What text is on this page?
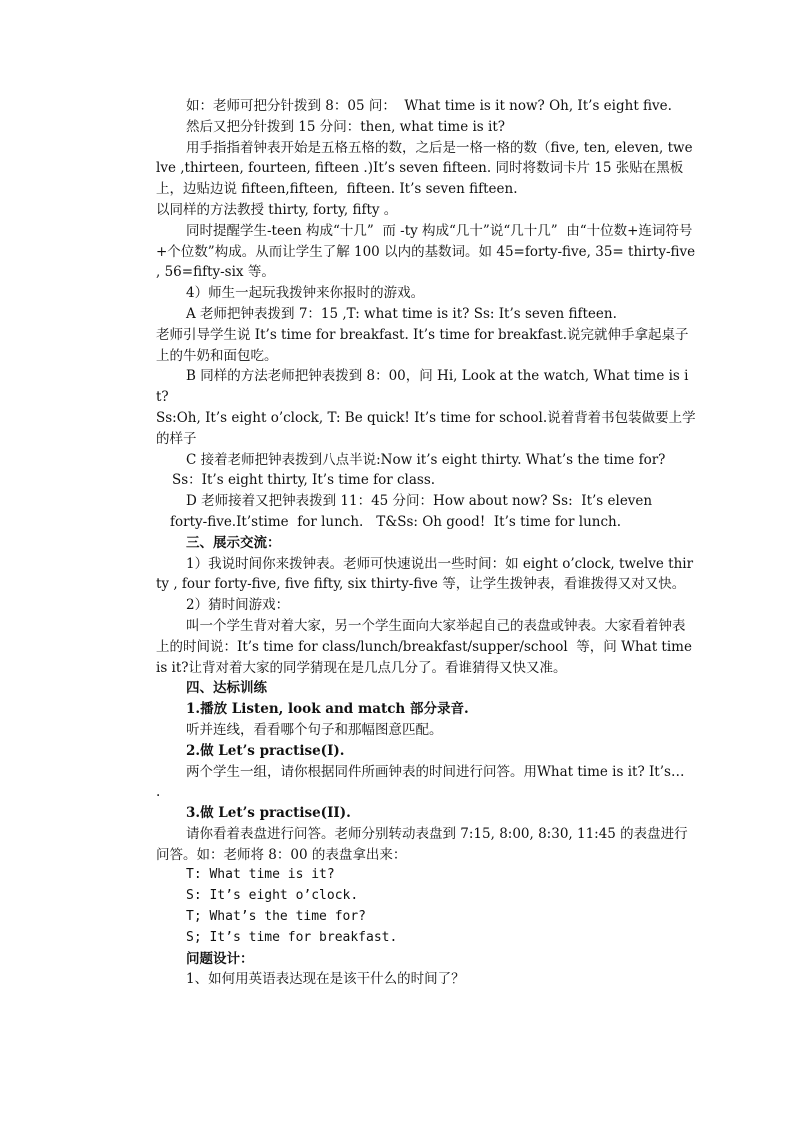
如：老师可把分针拨到 8：05 问：  What time is it now? Oh, It’s eight five.

然后又把分针拨到 15 分问：then, what time is it?

用手指指着钟表开始是五格五格的数，之后是一格一格的数（five, ten, eleven, twelve ,thirteen, fourteen, fifteen .)It’s seven fifteen. 同时将数词卡片 15 张贴在黑板上，边贴边说 fifteen,fifteen,  fifteen. It’s seven fifteen.

以同样的方法教授 thirty, forty, fifty 。

同时提醒学生-teen 构成“十几”  而 -ty 构成“几十”说“几十几”  由“十位数+连词符号+个位数”构成。从而让学生了解 100 以内的基数词。如 45=forty-five, 35= thirty-five , 56=fifty-six 等。

4）师生一起玩我拨钟来你报时的游戏。

A 老师把钟表拨到 7：15 ,T: what time is it? Ss: It’s seven fifteen.

老师引导学生说 It’s time for breakfast. It’s time for breakfast.说完就伸手拿起桌子上的牛奶和面包吃。

B 同样的方法老师把钟表拨到 8：00，问 Hi, Look at the watch, What time is it?

Ss:Oh, It’s eight o’clock, T: Be quick! It’s time for school.说着背着书包装做要上学的样子

C 接着老师把钟表拨到八点半说:Now it’s eight thirty. What’s the time for?

Ss：It’s eight thirty, It’s time for class.

D 老师接着又把钟表拨到 11：45 分问：How about now? Ss:  It’s eleven

forty-five.It’stime  for lunch.   T&Ss: Oh good!  It’s time for lunch.

三、展示交流：

1）我说时间你来拨钟表。老师可快速说出一些时间：如 eight o’clock, twelve thirty , four forty-five, five fifty, six thirty-five 等，让学生拨钟表，看谁拨得又对又快。

2）猜时间游戏：

叫一个学生背对着大家，另一个学生面向大家举起自己的表盘或钟表。大家看着钟表上的时间说：It’s time for class/lunch/breakfast/supper/school  等，问 What time is it?让背对着大家的同学猜现在是几点几分了。看谁猜得又快又准。

四、达标训练

1.播放 Listen, look and match 部分录音.

听并连线，看看哪个句子和那幅图意匹配。

2.做 Let’s practise(I).

两个学生一组，请你根据同件所画钟表的时间进行问答。用What time is it? It’s…  .

3.做 Let’s practise(II).

请你看着表盘进行问答。老师分别转动表盘到 7:15, 8:00, 8:30, 11:45 的表盘进行问答。如：老师将 8：00 的表盘拿出来：

T: What time is it?

S: It’s eight o’clock.

T; What’s the time for?

S; It’s time for breakfast.

问题设计：

1、如何用英语表达现在是该干什么的时间了？
